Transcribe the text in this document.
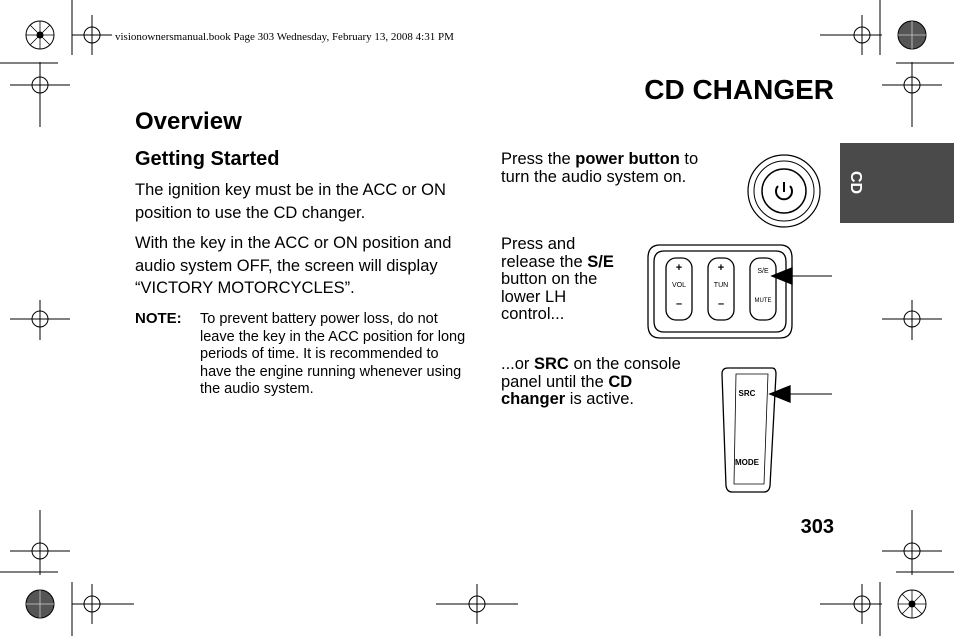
visionownersmanual.book Page 303 Wednesday, February 13, 2008 4:31 PM
CD CHANGER
CD
Overview
Getting Started
The ignition key must be in the ACC or ON position to use the CD changer.
With the key in the ACC or ON position and audio system OFF, the screen will display “VICTORY MOTORCYCLES”.
NOTE: To prevent battery power loss, do not leave the key in the ACC position for long periods of time. It is recommended to have the engine running whenever using the audio system.
Press the power button to turn the audio system on.
Press and release the S/E button on the lower LH control...
...or SRC on the console panel until the CD changer is active.
+
VOL
–
+
TUN
–
S/E
MUTE
SRC
MODE
303
